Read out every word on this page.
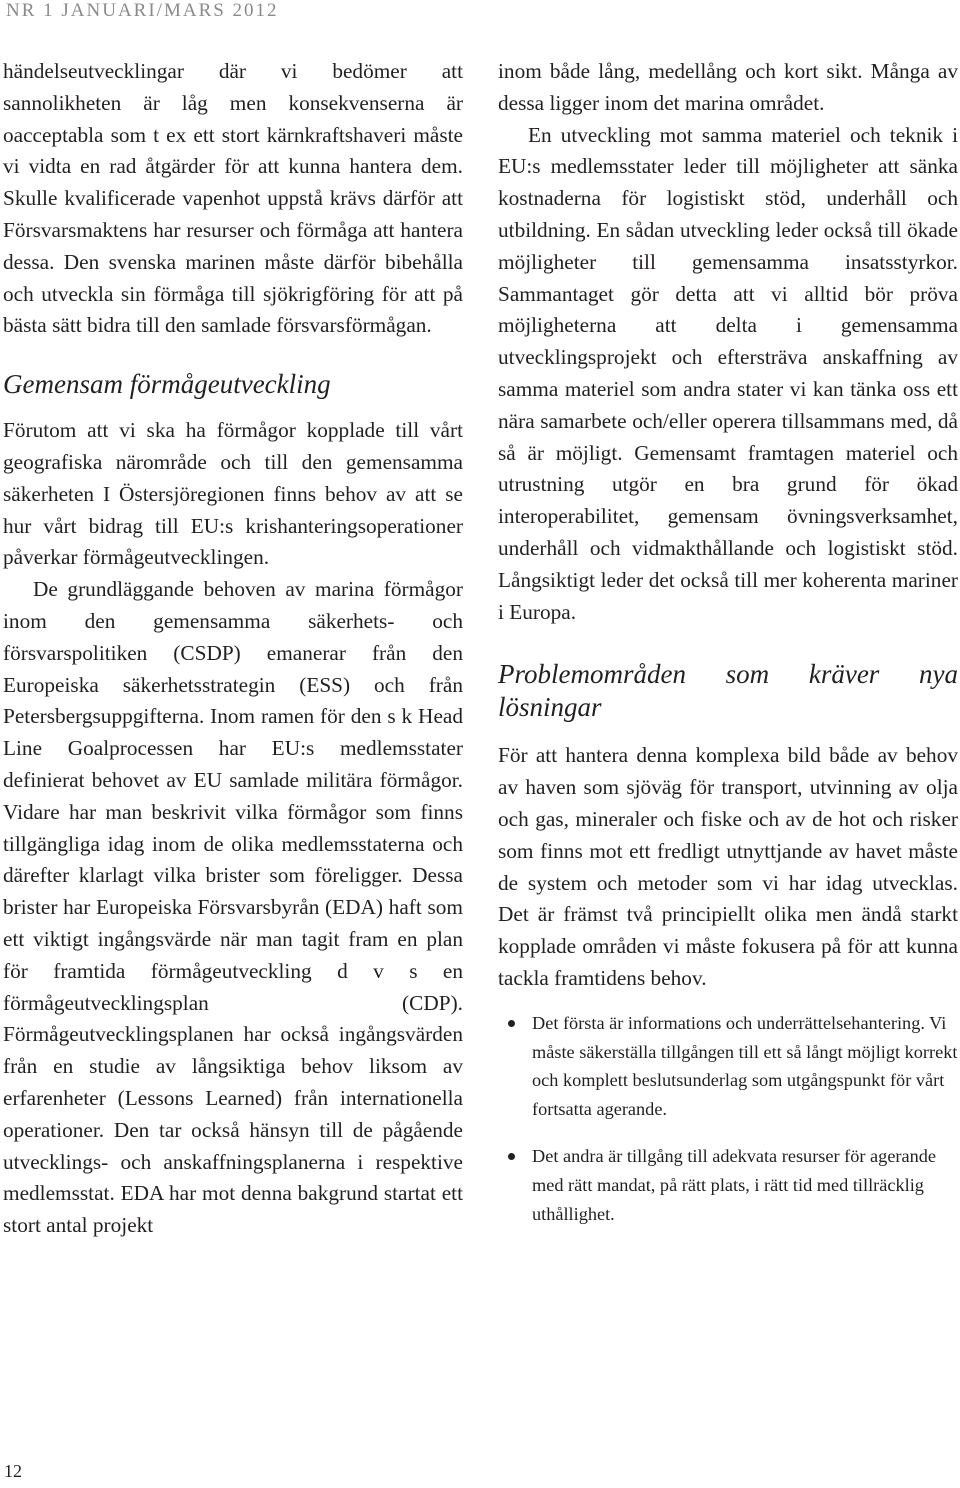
NR 1 JANUARI/MARS 2012

händelseutvecklingar där vi bedömer att sannolikheten är låg men konsekvenserna är oacceptabla som t ex ett stort kärnkraftshaveri måste vi vidta en rad åtgärder för att kunna hantera dem. Skulle kvalificerade vapenhot uppstå krävs därför att Försvarsmaktens har resurser och förmåga att hantera dessa. Den svenska marinen måste därför bibehålla och utveckla sin förmåga till sjökrigföring för att på bästa sätt bidra till den samlade försvarsförmågan.

Gemensam förmågeutveckling

Förutom att vi ska ha förmågor kopplade till vårt geografiska närområde och till den gemensamma säkerheten I Östersjöregionen finns behov av att se hur vårt bidrag till EU:s krishanteringsoperationer påverkar förmågeutvecklingen.

De grundläggande behoven av marina förmågor inom den gemensamma säkerhets- och försvarspolitiken (CSDP) emanerar från den Europeiska säkerhetsstrategin (ESS) och från Petersbergsuppgifterna. Inom ramen för den s k Head Line Goalprocessen har EU:s medlemsstater definierat behovet av EU samlade militära förmågor. Vidare har man beskrivit vilka förmågor som finns tillgängliga idag inom de olika medlemsstaterna och därefter klarlagt vilka brister som föreligger. Dessa brister har Europeiska Försvarsbyrån (EDA) haft som ett viktigt ingångsvärde när man tagit fram en plan för framtida förmågeutveckling d v s en förmågeutvecklingsplan (CDP). Förmågeutvecklingsplanen har också ingångsvärden från en studie av långsiktiga behov liksom av erfarenheter (Lessons Learned) från internationella operationer. Den tar också hänsyn till de pågående utvecklings- och anskaffningsplanerna i respektive medlemsstat. EDA har mot denna bakgrund startat ett stort antal projekt

inom både lång, medellång och kort sikt. Många av dessa ligger inom det marina området.

En utveckling mot samma materiel och teknik i EU:s medlemsstater leder till möjligheter att sänka kostnaderna för logistiskt stöd, underhåll och utbildning. En sådan utveckling leder också till ökade möjligheter till gemensamma insatsstyrkor. Sammantaget gör detta att vi alltid bör pröva möjligheterna att delta i gemensamma utvecklingsprojekt och eftersträva anskaffning av samma materiel som andra stater vi kan tänka oss ett nära samarbete och/eller operera tillsammans med, då så är möjligt. Gemensamt framtagen materiel och utrustning utgör en bra grund för ökad interoperabilitet, gemensam övningsverksamhet, underhåll och vidmakthållande och logistiskt stöd. Långsiktigt leder det också till mer koherenta mariner i Europa.

Problemområden som kräver nya lösningar

För att hantera denna komplexa bild både av behov av haven som sjöväg för transport, utvinning av olja och gas, mineraler och fiske och av de hot och risker som finns mot ett fredligt utnyttjande av havet måste de system och metoder som vi har idag utvecklas. Det är främst två principiellt olika men ändå starkt kopplade områden vi måste fokusera på för att kunna tackla framtidens behov.

Det första är informations och underrättelsehantering. Vi måste säkerställa tillgången till ett så långt möjligt korrekt och komplett beslutsunderlag som utgångspunkt för vårt fortsatta agerande.
Det andra är tillgång till adekvata resurser för agerande med rätt mandat, på rätt plats, i rätt tid med tillräcklig uthållighet.
12
